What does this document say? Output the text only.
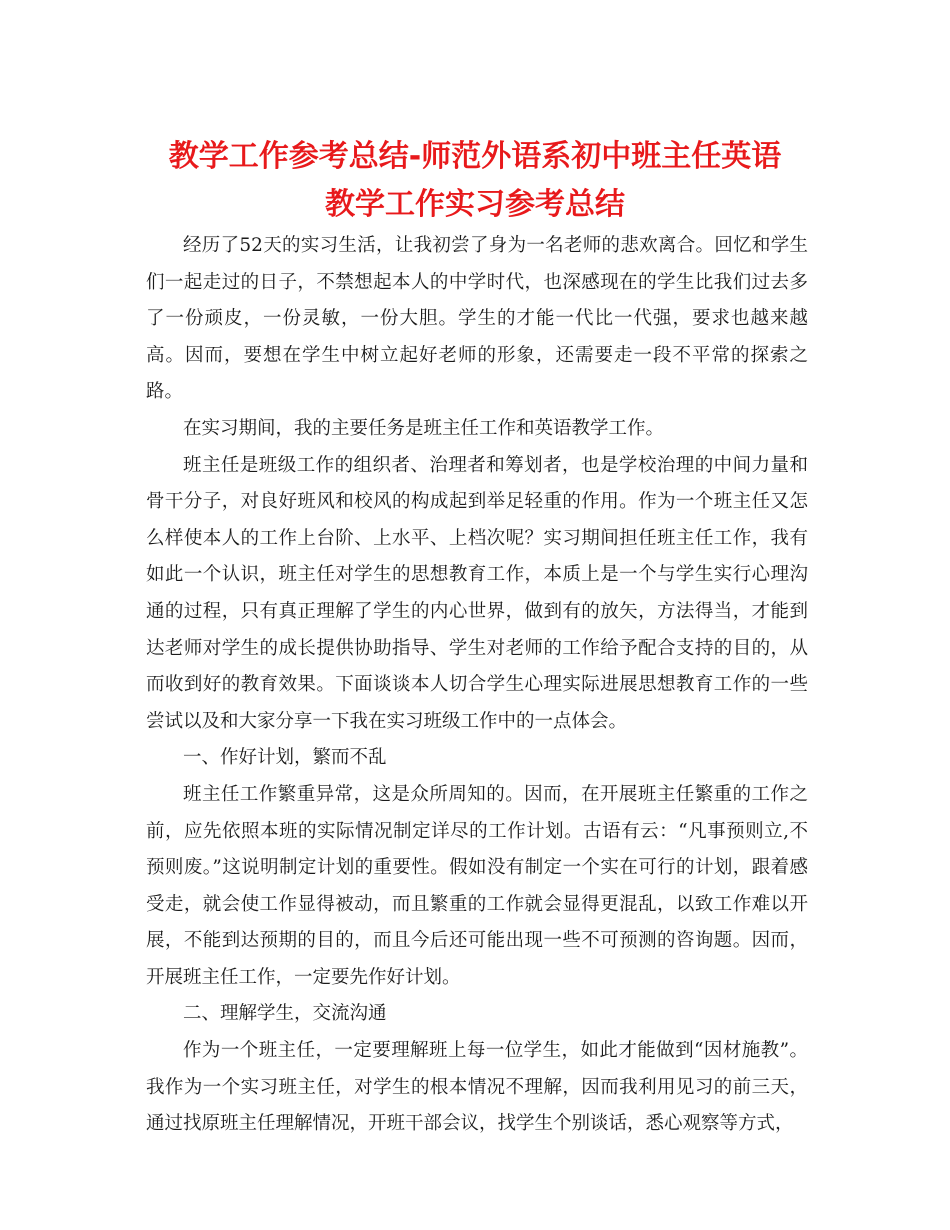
教学工作参考总结-师范外语系初中班主任英语
教学工作实习参考总结

经历了52天的实习生活，让我初尝了身为一名老师的悲欢离合。回忆和学生们一起走过的日子，不禁想起本人的中学时代，也深感现在的学生比我们过去多了一份顽皮，一份灵敏，一份大胆。学生的才能一代比一代强，要求也越来越高。因而，要想在学生中树立起好老师的形象，还需要走一段不平常的探索之路。

在实习期间，我的主要任务是班主任工作和英语教学工作。

班主任是班级工作的组织者、治理者和筹划者，也是学校治理的中间力量和骨干分子，对良好班风和校风的构成起到举足轻重的作用。作为一个班主任又怎么样使本人的工作上台阶、上水平、上档次呢？实习期间担任班主任工作，我有如此一个认识，班主任对学生的思想教育工作，本质上是一个与学生实行心理沟通的过程，只有真正理解了学生的内心世界，做到有的放矢，方法得当，才能到达老师对学生的成长提供协助指导、学生对老师的工作给予配合支持的目的，从而收到好的教育效果。下面谈谈本人切合学生心理实际进展思想教育工作的一些尝试以及和大家分享一下我在实习班级工作中的一点体会。

一、作好计划，繁而不乱

班主任工作繁重异常，这是众所周知的。因而，在开展班主任繁重的工作之前，应先依照本班的实际情况制定详尽的工作计划。古语有云：“凡事预则立,不预则废。”这说明制定计划的重要性。假如没有制定一个实在可行的计划，跟着感受走，就会使工作显得被动，而且繁重的工作就会显得更混乱，以致工作难以开展，不能到达预期的目的，而且今后还可能出现一些不可预测的咨询题。因而，开展班主任工作，一定要先作好计划。

二、理解学生，交流沟通

作为一个班主任，一定要理解班上每一位学生，如此才能做到“因材施教”。我作为一个实习班主任，对学生的根本情况不理解，因而我利用见习的前三天，通过找原班主任理解情况，开班干部会议，找学生个别谈话，悉心观察等方式，
